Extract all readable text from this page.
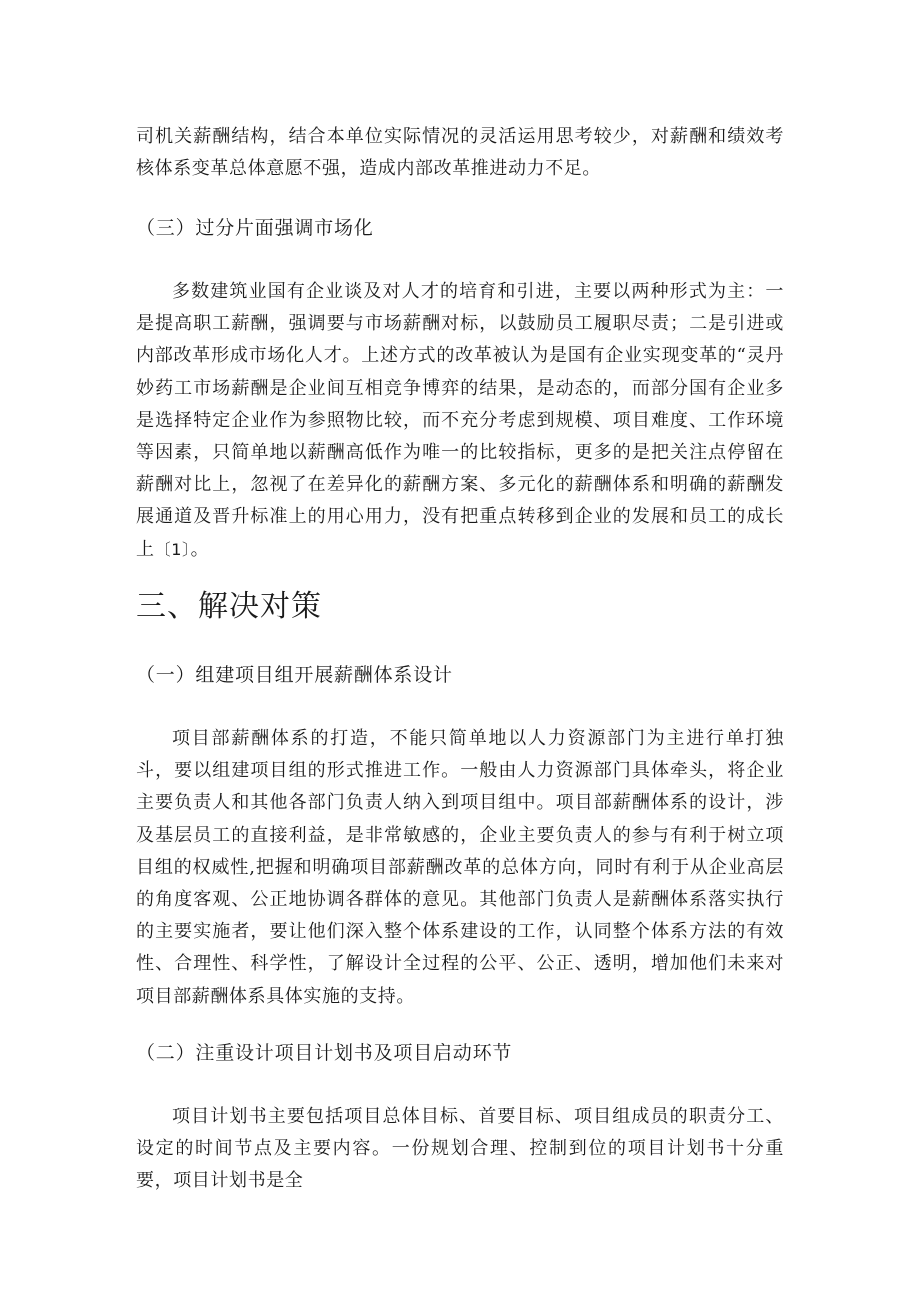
司机关薪酬结构，结合本单位实际情况的灵活运用思考较少，对薪酬和绩效考核体系变革总体意愿不强，造成内部改革推进动力不足。

（三）过分片面强调市场化

多数建筑业国有企业谈及对人才的培育和引进，主要以两种形式为主：一是提高职工薪酬，强调要与市场薪酬对标，以鼓励员工履职尽责；二是引进或内部改革形成市场化人才。上述方式的改革被认为是国有企业实现变革的“灵丹妙药工市场薪酬是企业间互相竞争博弈的结果，是动态的，而部分国有企业多是选择特定企业作为参照物比较，而不充分考虑到规模、项目难度、工作环境等因素，只简单地以薪酬高低作为唯一的比较指标，更多的是把关注点停留在薪酬对比上，忽视了在差异化的薪酬方案、多元化的薪酬体系和明确的薪酬发展通道及晋升标准上的用心用力，没有把重点转移到企业的发展和员工的成长上〔1〕。

三、解决对策

（一）组建项目组开展薪酬体系设计

项目部薪酬体系的打造，不能只简单地以人力资源部门为主进行单打独斗，要以组建项目组的形式推进工作。一般由人力资源部门具体牵头，将企业主要负责人和其他各部门负责人纳入到项目组中。项目部薪酬体系的设计，涉及基层员工的直接利益，是非常敏感的，企业主要负责人的参与有利于树立项目组的权威性,把握和明确项目部薪酬改革的总体方向，同时有利于从企业高层的角度客观、公正地协调各群体的意见。其他部门负责人是薪酬体系落实执行的主要实施者，要让他们深入整个体系建设的工作，认同整个体系方法的有效性、合理性、科学性，了解设计全过程的公平、公正、透明，增加他们未来对项目部薪酬体系具体实施的支持。

（二）注重设计项目计划书及项目启动环节

项目计划书主要包括项目总体目标、首要目标、项目组成员的职责分工、设定的时间节点及主要内容。一份规划合理、控制到位的项目计划书十分重要，项目计划书是全
